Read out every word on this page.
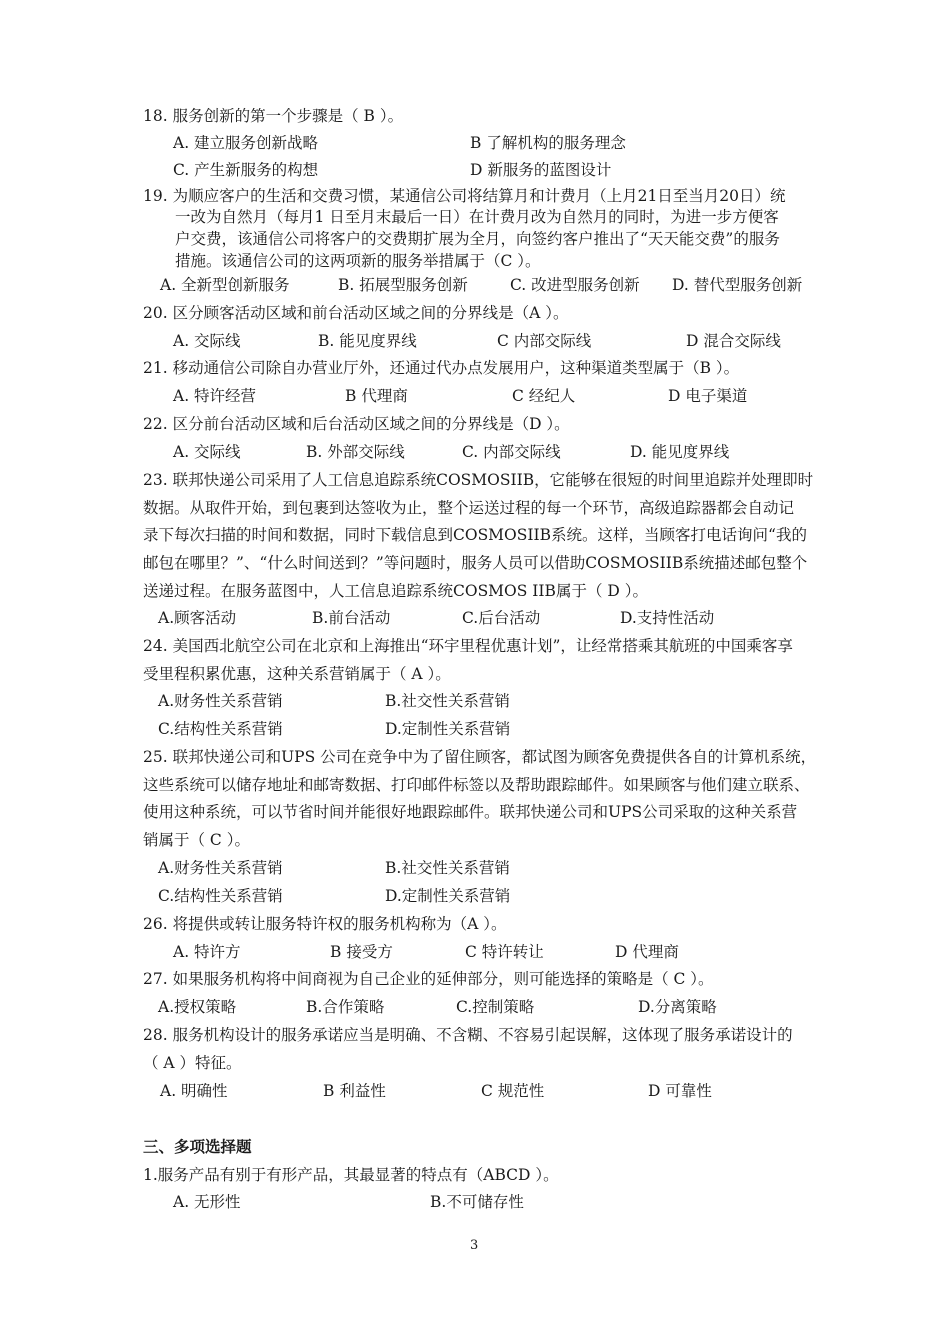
18. 服务创新的第一个步骤是（ B ）。
A. 建立服务创新战略	B 了解机构的服务理念
C. 产生新服务的构想	D 新服务的蓝图设计
19. 为顺应客户的生活和交费习惯，某通信公司将结算月和计费月（上月21日至当月20日）统
一改为自然月（每月1 日至月末最后一日）在计费月改为自然月的同时，为进一步方便客
户交费，该通信公司将客户的交费期扩展为全月，向签约客户推出了“天天能交费”的服务
措施。该通信公司的这两项新的服务举措属于（C ）。
A. 全新型创新服务	B. 拓展型服务创新	C. 改进型服务创新 D. 替代型服务创新
20. 区分顾客活动区域和前台活动区域之间的分界线是（A ）。
A. 交际线	B. 能见度界线	C 内部交际线	D 混合交际线
21. 移动通信公司除自办营业厅外，还通过代办点发展用户，这种渠道类型属于（B ）。
A. 特许经营	B 代理商	C 经纪人	D 电子渠道
22. 区分前台活动区域和后台活动区域之间的分界线是（D ）。
A. 交际线	B. 外部交际线	C. 内部交际线	D. 能见度界线
23. 联邦快递公司采用了人工信息追踪系统COSMOSIIB，它能够在很短的时间里追踪并处理即时
数据。从取件开始，到包裹到达签收为止，整个运送过程的每一个环节，高级追踪器都会自动记
录下每次扫描的时间和数据，同时下载信息到COSMOSIIB系统。这样，当顾客打电话询问“我的
邮包在哪里？”、“什么时间送到？”等问题时，服务人员可以借助COSMOSIIB系统描述邮包整个
送递过程。在服务蓝图中，人工信息追踪系统COSMOS IIB属于（ D ）。
A.顾客活动	B.前台活动	C.后台活动	D.支持性活动
24. 美国西北航空公司在北京和上海推出“环宇里程优惠计划”，让经常搭乘其航班的中国乘客享
受里程积累优惠，这种关系营销属于（ A ）。
A.财务性关系营销	B.社交性关系营销
C.结构性关系营销	D.定制性关系营销
25. 联邦快递公司和UPS 公司在竞争中为了留住顾客，都试图为顾客免费提供各自的计算机系统，
这些系统可以储存地址和邮寄数据、打印邮件标签以及帮助跟踪邮件。如果顾客与他们建立联系、
使用这种系统，可以节省时间并能很好地跟踪邮件。联邦快递公司和UPS公司采取的这种关系营
销属于（ C ）。
A.财务性关系营销	B.社交性关系营销
C.结构性关系营销	D.定制性关系营销
26. 将提供或转让服务特许权的服务机构称为（A ）。
A. 特许方	B 接受方	C 特许转让	D 代理商
27. 如果服务机构将中间商视为自己企业的延伸部分，则可能选择的策略是（ C ）。
A.授权策略	B.合作策略	C.控制策略	D.分离策略
28. 服务机构设计的服务承诺应当是明确、不含糊、不容易引起误解，这体现了服务承诺设计的
（ A ）特征。
A. 明确性	B 利益性	C 规范性	D 可靠性
三、多项选择题
1.服务产品有别于有形产品，其最显著的特点有（ABCD ）。
A. 无形性	B.不可储存性
3
